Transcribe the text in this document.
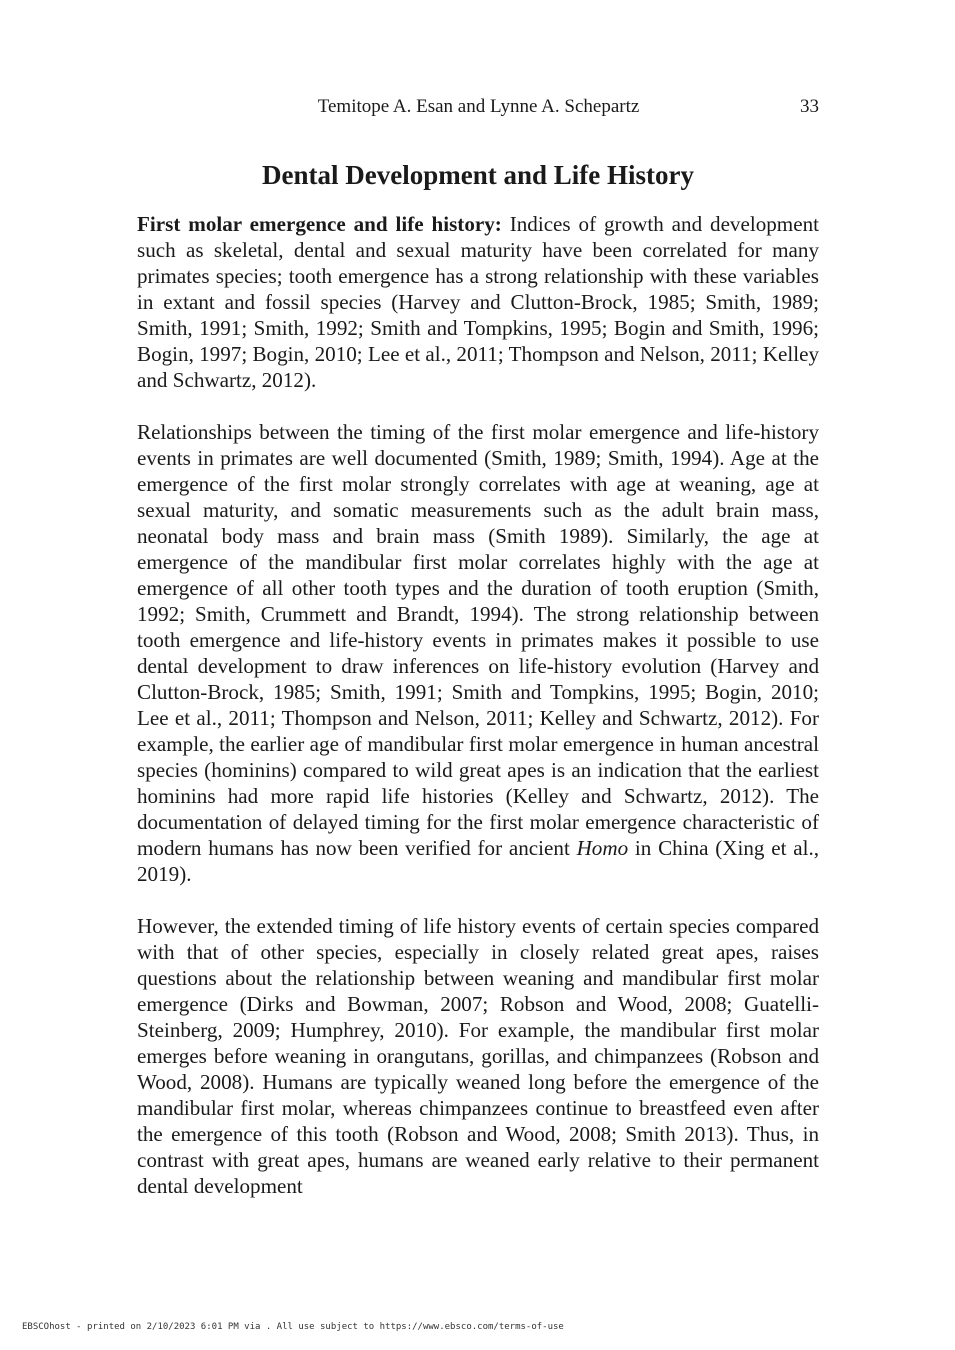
Temitope A. Esan and Lynne A. Schepartz	33
Dental Development and Life History

First molar emergence and life history: Indices of growth and development such as skeletal, dental and sexual maturity have been correlated for many primates species; tooth emergence has a strong relationship with these variables in extant and fossil species (Harvey and Clutton-Brock, 1985; Smith, 1989; Smith, 1991; Smith, 1992; Smith and Tompkins, 1995; Bogin and Smith, 1996; Bogin, 1997; Bogin, 2010; Lee et al., 2011; Thompson and Nelson, 2011; Kelley and Schwartz, 2012).

Relationships between the timing of the first molar emergence and life-history events in primates are well documented (Smith, 1989; Smith, 1994). Age at the emergence of the first molar strongly correlates with age at weaning, age at sexual maturity, and somatic measurements such as the adult brain mass, neonatal body mass and brain mass (Smith 1989). Similarly, the age at emergence of the mandibular first molar correlates highly with the age at emergence of all other tooth types and the duration of tooth eruption (Smith, 1992; Smith, Crummett and Brandt, 1994). The strong relationship between tooth emergence and life-history events in primates makes it possible to use dental development to draw inferences on life-history evolution (Harvey and Clutton-Brock, 1985; Smith, 1991; Smith and Tompkins, 1995; Bogin, 2010; Lee et al., 2011; Thompson and Nelson, 2011; Kelley and Schwartz, 2012). For example, the earlier age of mandibular first molar emergence in human ancestral species (hominins) compared to wild great apes is an indication that the earliest hominins had more rapid life histories (Kelley and Schwartz, 2012). The documentation of delayed timing for the first molar emergence characteristic of modern humans has now been verified for ancient Homo in China (Xing et al., 2019).

However, the extended timing of life history events of certain species compared with that of other species, especially in closely related great apes, raises questions about the relationship between weaning and mandibular first molar emergence (Dirks and Bowman, 2007; Robson and Wood, 2008; Guatelli-Steinberg, 2009; Humphrey, 2010). For example, the mandibular first molar emerges before weaning in orangutans, gorillas, and chimpanzees (Robson and Wood, 2008). Humans are typically weaned long before the emergence of the mandibular first molar, whereas chimpanzees continue to breastfeed even after the emergence of this tooth (Robson and Wood, 2008; Smith 2013). Thus, in contrast with great apes, humans are weaned early relative to their permanent dental development

EBSCOhost - printed on 2/10/2023 6:01 PM via . All use subject to https://www.ebsco.com/terms-of-use
